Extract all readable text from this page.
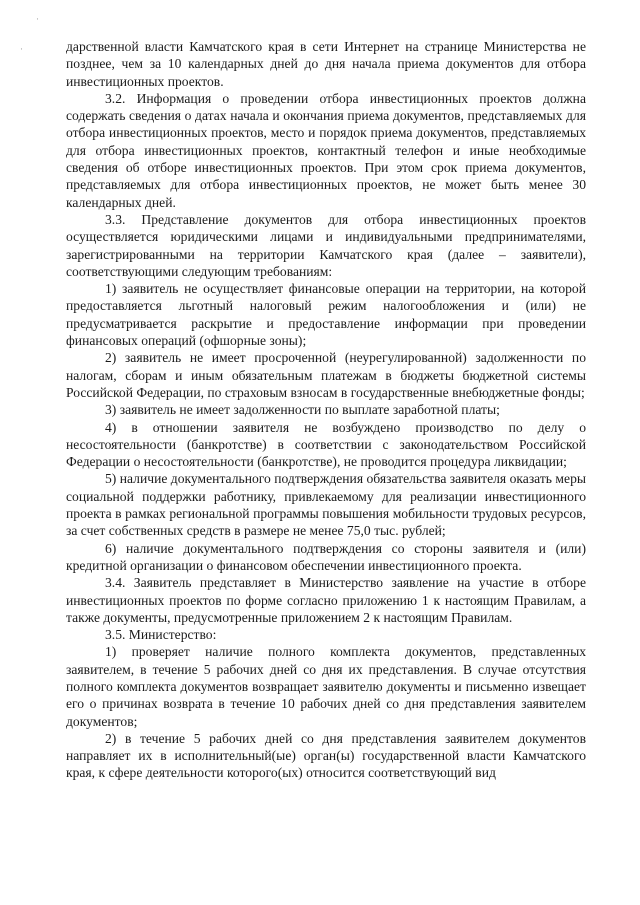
·
·	дарственной власти Камчатского края в сети Интернет на странице Министерства не позднее, чем за 10 календарных дней до дня начала приема документов для отбора инвестиционных проектов.

3.2. Информация о проведении отбора инвестиционных проектов должна содержать сведения о датах начала и окончания приема документов, представляемых для отбора инвестиционных проектов, место и порядок приема документов, представляемых для отбора инвестиционных проектов, контактный телефон и иные необходимые сведения об отборе инвестиционных проектов. При этом срок приема документов, представляемых для отбора инвестиционных проектов, не может быть менее 30 календарных дней.

3.3. Представление документов для отбора инвестиционных проектов осуществляется юридическими лицами и индивидуальными предпринимателями, зарегистрированными на территории Камчатского края (далее – заявители), соответствующими следующим требованиям:

1) заявитель не осуществляет финансовые операции на территории, на которой предоставляется льготный налоговый режим налогообложения и (или) не предусматривается раскрытие и предоставление информации при проведении финансовых операций (офшорные зоны);

2) заявитель не имеет просроченной (неурегулированной) задолженности по налогам, сборам и иным обязательным платежам в бюджеты бюджетной системы Российской Федерации, по страховым взносам в государственные внебюджетные фонды;

3) заявитель не имеет задолженности по выплате заработной платы;

4) в отношении заявителя не возбуждено производство по делу о несостоятельности (банкротстве) в соответствии с законодательством Российской Федерации о несостоятельности (банкротстве), не проводится процедура ликвидации;

5) наличие документального подтверждения обязательства заявителя оказать меры социальной поддержки работнику, привлекаемому для реализации инвестиционного проекта в рамках региональной программы повышения мобильности трудовых ресурсов, за счет собственных средств в размере не менее 75,0 тыс. рублей;

6) наличие документального подтверждения со стороны заявителя и (или) кредитной организации о финансовом обеспечении инвестиционного проекта.

3.4. Заявитель представляет в Министерство заявление на участие в отборе инвестиционных проектов по форме согласно приложению 1 к настоящим Правилам, а также документы, предусмотренные приложением 2 к настоящим Правилам.

3.5. Министерство:

1) проверяет наличие полного комплекта документов, представленных заявителем, в течение 5 рабочих дней со дня их представления. В случае отсутствия полного комплекта документов возвращает заявителю документы и письменно извещает его о причинах возврата в течение 10 рабочих дней со дня представления заявителем документов;

2) в течение 5 рабочих дней со дня представления заявителем документов направляет их в исполнительный(ые) орган(ы) государственной власти Камчатского края, к сфере деятельности которого(ых) относится соответствующий вид
